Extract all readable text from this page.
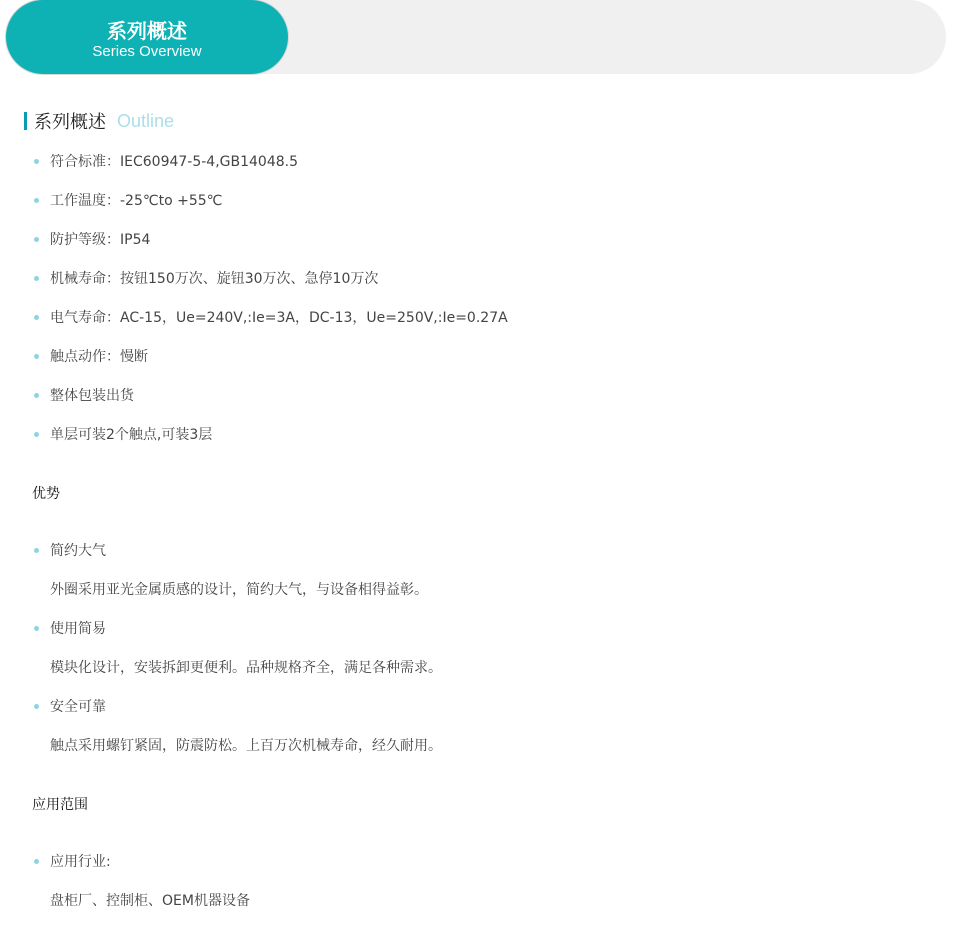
系列概述
Series Overview
系列概述 Outline
符合标准：IEC60947-5-4,GB14048.5
工作温度：-25℃to +55℃
防护等级：IP54
机械寿命：按钮150万次、旋钮30万次、急停10万次
电气寿命：AC-15，Ue=240V,:Ie=3A，DC-13，Ue=250V,:Ie=0.27A
触点动作：慢断
整体包装出货
单层可装2个触点,可装3层
优势
简约大气
外圈采用亚光金属质感的设计，简约大气，与设备相得益彰。
使用简易
模块化设计，安装拆卸更便利。品种规格齐全，满足各种需求。
安全可靠
触点采用螺钉紧固，防震防松。上百万次机械寿命，经久耐用。
应用范围
应用行业:
盘柜厂、控制柜、OEM机器设备
